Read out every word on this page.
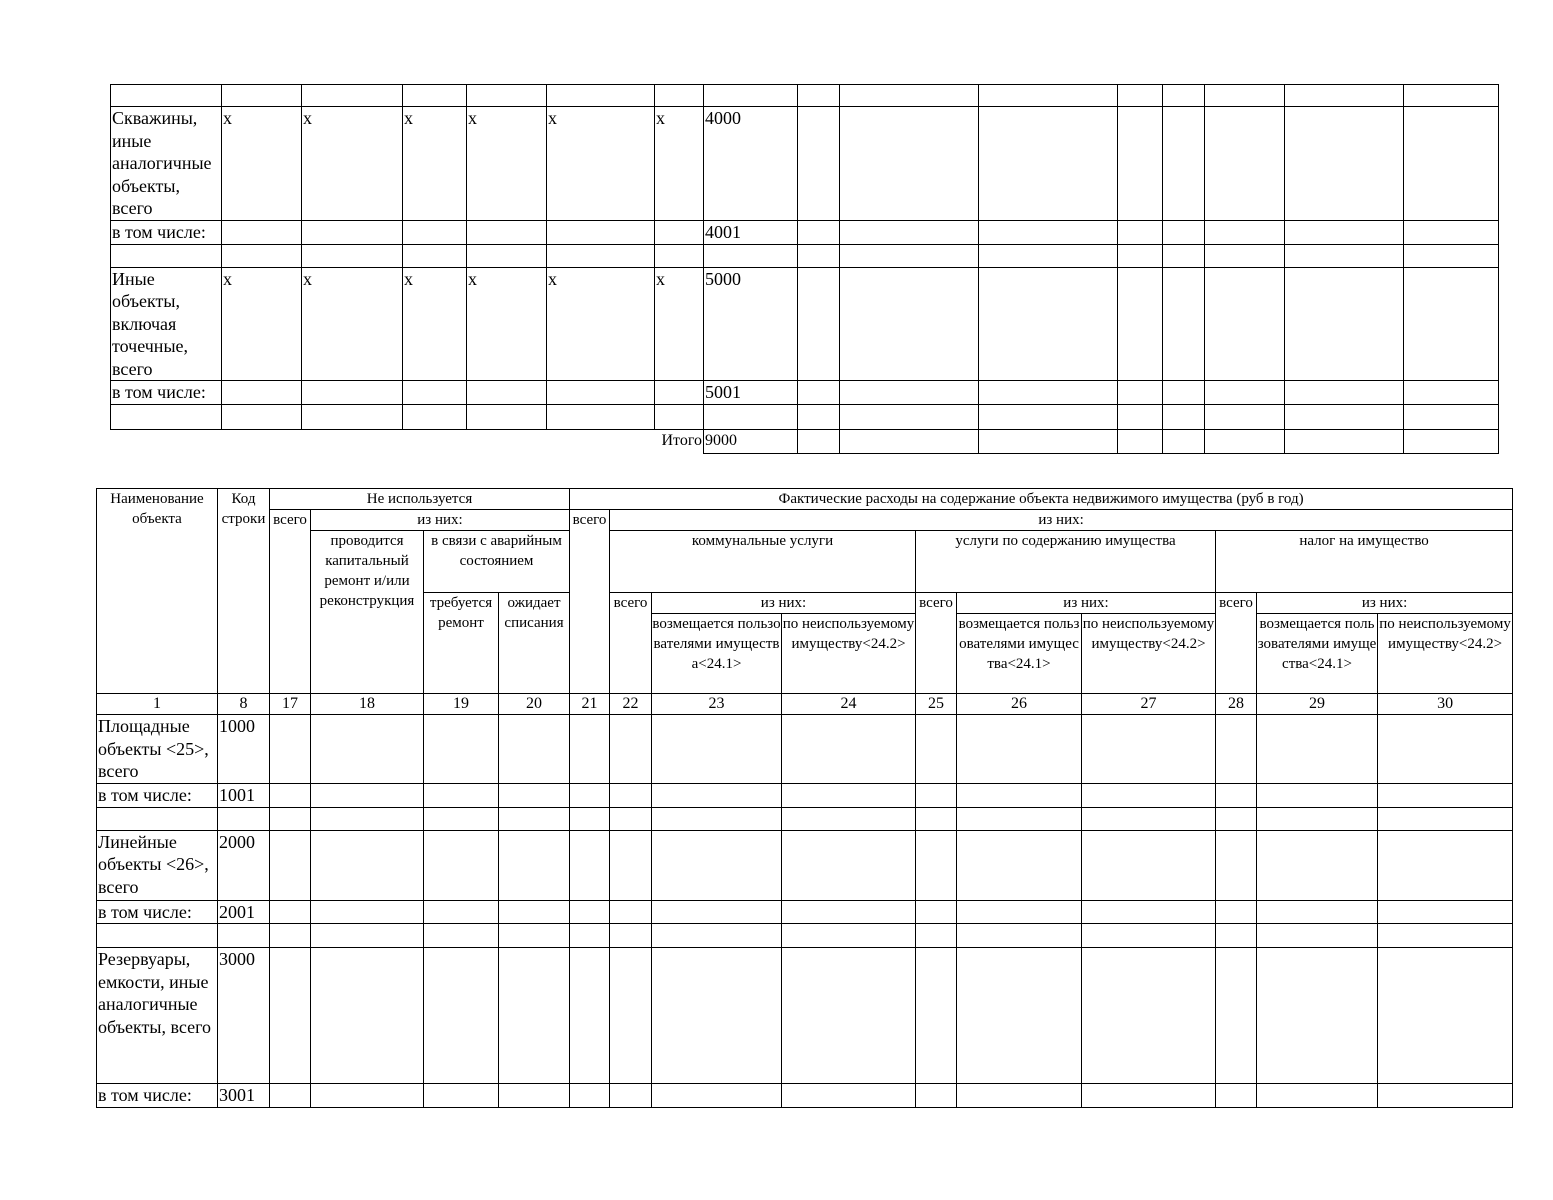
Скважины, иные аналогичные объекты, всего	x	x	x	x	x	x	4000								
в том числе:							4001								

Иные объекты, включая точечные, всего	x	x	x	x	x	x	5000								
в том числе:							5001								

Итого							9000								
Наименование объекта	Код строки	Не используется				Фактические расходы на содержание объекта недвижимого имущества (руб в год)									
		всего	из них:			всего	из них:								
			проводится капитальный ремонт и/или реконструкция	в связи с аварийным состоянием			коммунальные услуги			услуги по содержанию имущества			налог на имущество		
				требуется ремонт	ожидает списания		всего	из них:		всего	из них:		всего	из них:	
								возмещается пользователями имущества<24.1>	по неиспользуемому имуществу<24.2>		возмещается пользователями имущества<24.1>	по неиспользуемому имуществу<24.2>		возмещается пользователями имущества<24.1>	по неиспользуемому имуществу<24.2>
1	8	17	18	19	20	21	22	23	24	25	26	27	28	29	30
Площадные объекты <25>, всего	1000														
в том числе:	1001														

Линейные объекты <26>, всего	2000														
в том числе:	2001														

Резервуары, емкости, иные аналогичные объекты, всего	3000														
в том числе:	3001														
